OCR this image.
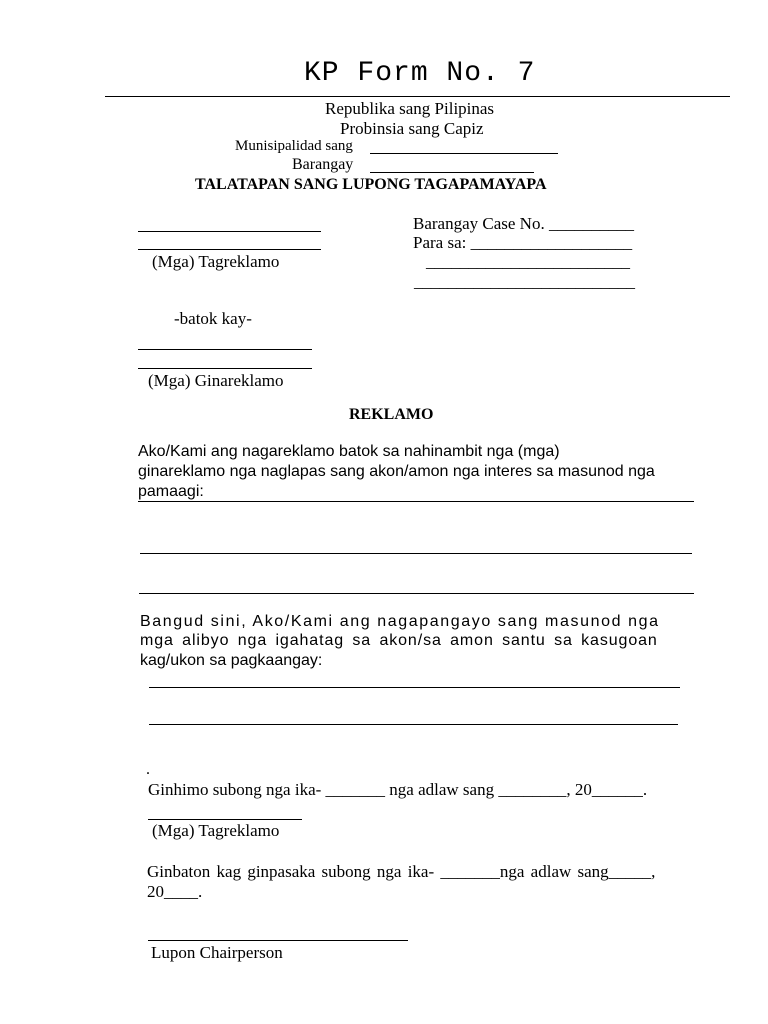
KP Form No. 7
Republika sang Pilipinas
Probinsia sang Capiz
Munisipalidad sang
Barangay
TALATAPAN SANG LUPONG TAGAPAMAYAPA
(Mga) Tagreklamo
-batok kay-
(Mga) Ginareklamo
Barangay Case No. __________
Para sa: ___________________
________________________
__________________________
REKLAMO
Ako/Kami ang nagareklamo batok sa nahinambit nga (mga)
ginareklamo nga naglapas sang akon/amon nga interes sa masunod nga
pamaagi:
Bangud sini, Ako/Kami ang nagapangayo sang masunod nga
mga alibyo nga igahatag sa akon/sa amon santu sa kasugoan
kag/ukon sa pagkaangay:
.
Ginhimo subong nga ika- _______ nga adlaw sang ________, 20______.
(Mga) Tagreklamo
Ginbaton kag ginpasaka subong nga ika- _______nga adlaw sang_____,
20____.
Lupon Chairperson
